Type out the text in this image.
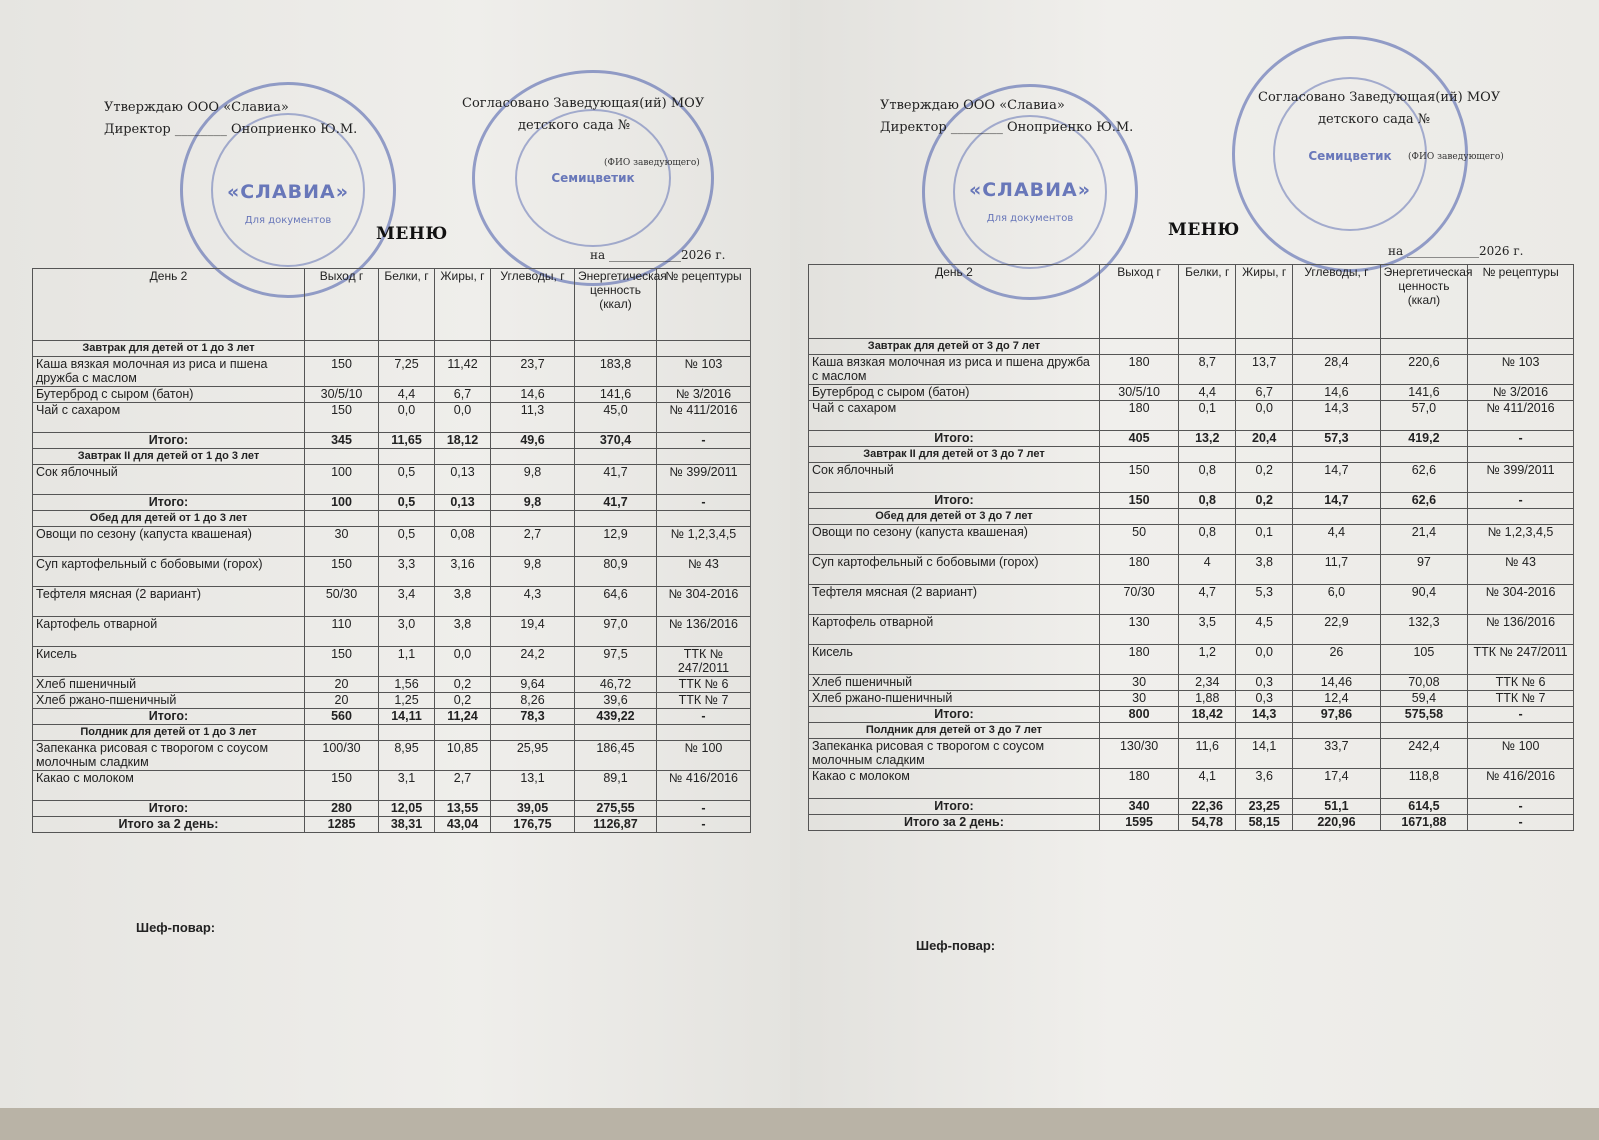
«СЛАВИА»
Для документов
Семицветик
Утверждаю ООО «Славиа»
Директор ________ Оноприенко Ю.М.
Согласовано Заведующая(ий) МОУ
детского сада №
(ФИО заведующего)
МЕНЮ
на ____________2026 г.
День 2	Выход г	Белки, г	Жиры, г	Углеводы, г	Энергетическая ценность (ккал)	№ рецептуры
Завтрак для детей от 1 до 3 лет						
Каша вязкая молочная из риса и пшена дружба с маслом	150	7,25	11,42	23,7	183,8	№ 103
Бутерброд с сыром (батон)	30/5/10	4,4	6,7	14,6	141,6	№ 3/2016
Чай с сахаром	150	0,0	0,0	11,3	45,0	№ 411/2016
Итого:	345	11,65	18,12	49,6	370,4	-
Завтрак II для детей от 1 до 3 лет						
Сок яблочный	100	0,5	0,13	9,8	41,7	№ 399/2011
Итого:	100	0,5	0,13	9,8	41,7	-
Обед для детей от 1 до 3 лет						
Овощи по сезону (капуста квашеная)	30	0,5	0,08	2,7	12,9	№ 1,2,3,4,5
Суп картофельный с бобовыми (горох)	150	3,3	3,16	9,8	80,9	№ 43
Тефтеля мясная (2 вариант)	50/30	3,4	3,8	4,3	64,6	№ 304-2016
Картофель отварной	110	3,0	3,8	19,4	97,0	№ 136/2016
Кисель	150	1,1	0,0	24,2	97,5	ТТК № 247/2011
Хлеб пшеничный	20	1,56	0,2	9,64	46,72	ТТК № 6
Хлеб ржано-пшеничный	20	1,25	0,2	8,26	39,6	ТТК № 7
Итого:	560	14,11	11,24	78,3	439,22	-
Полдник для детей от 1 до 3 лет						
Запеканка рисовая с творогом с соусом молочным сладким	100/30	8,95	10,85	25,95	186,45	№ 100
Какао с молоком	150	3,1	2,7	13,1	89,1	№ 416/2016
Итого:	280	12,05	13,55	39,05	275,55	-
Итого за 2 день:	1285	38,31	43,04	176,75	1126,87	-
Шеф-повар:
«СЛАВИА»
Для документов
Семицветик
Утверждаю ООО «Славиа»
Директор ________ Оноприенко Ю.М.
Согласовано Заведующая(ий) МОУ
детского сада №
(ФИО заведующего)
МЕНЮ
на ____________2026 г.
День 2	Выход г	Белки, г	Жиры, г	Углеводы, г	Энергетическая ценность (ккал)	№ рецептуры
Завтрак для детей от 3 до 7 лет						
Каша вязкая молочная из риса и пшена дружба с маслом	180	8,7	13,7	28,4	220,6	№ 103
Бутерброд с сыром (батон)	30/5/10	4,4	6,7	14,6	141,6	№ 3/2016
Чай с сахаром	180	0,1	0,0	14,3	57,0	№ 411/2016
Итого:	405	13,2	20,4	57,3	419,2	-
Завтрак II для детей от 3 до 7 лет						
Сок яблочный	150	0,8	0,2	14,7	62,6	№ 399/2011
Итого:	150	0,8	0,2	14,7	62,6	-
Обед для детей от 3 до 7 лет						
Овощи по сезону (капуста квашеная)	50	0,8	0,1	4,4	21,4	№ 1,2,3,4,5
Суп картофельный с бобовыми (горох)	180	4	3,8	11,7	97	№ 43
Тефтеля мясная (2 вариант)	70/30	4,7	5,3	6,0	90,4	№ 304-2016
Картофель отварной	130	3,5	4,5	22,9	132,3	№ 136/2016
Кисель	180	1,2	0,0	26	105	ТТК № 247/2011
Хлеб пшеничный	30	2,34	0,3	14,46	70,08	ТТК № 6
Хлеб ржано-пшеничный	30	1,88	0,3	12,4	59,4	ТТК № 7
Итого:	800	18,42	14,3	97,86	575,58	-
Полдник для детей от 3 до 7 лет						
Запеканка рисовая с творогом с соусом молочным сладким	130/30	11,6	14,1	33,7	242,4	№ 100
Какао с молоком	180	4,1	3,6	17,4	118,8	№ 416/2016
Итого:	340	22,36	23,25	51,1	614,5	-
Итого за 2 день:	1595	54,78	58,15	220,96	1671,88	-
Шеф-повар:
